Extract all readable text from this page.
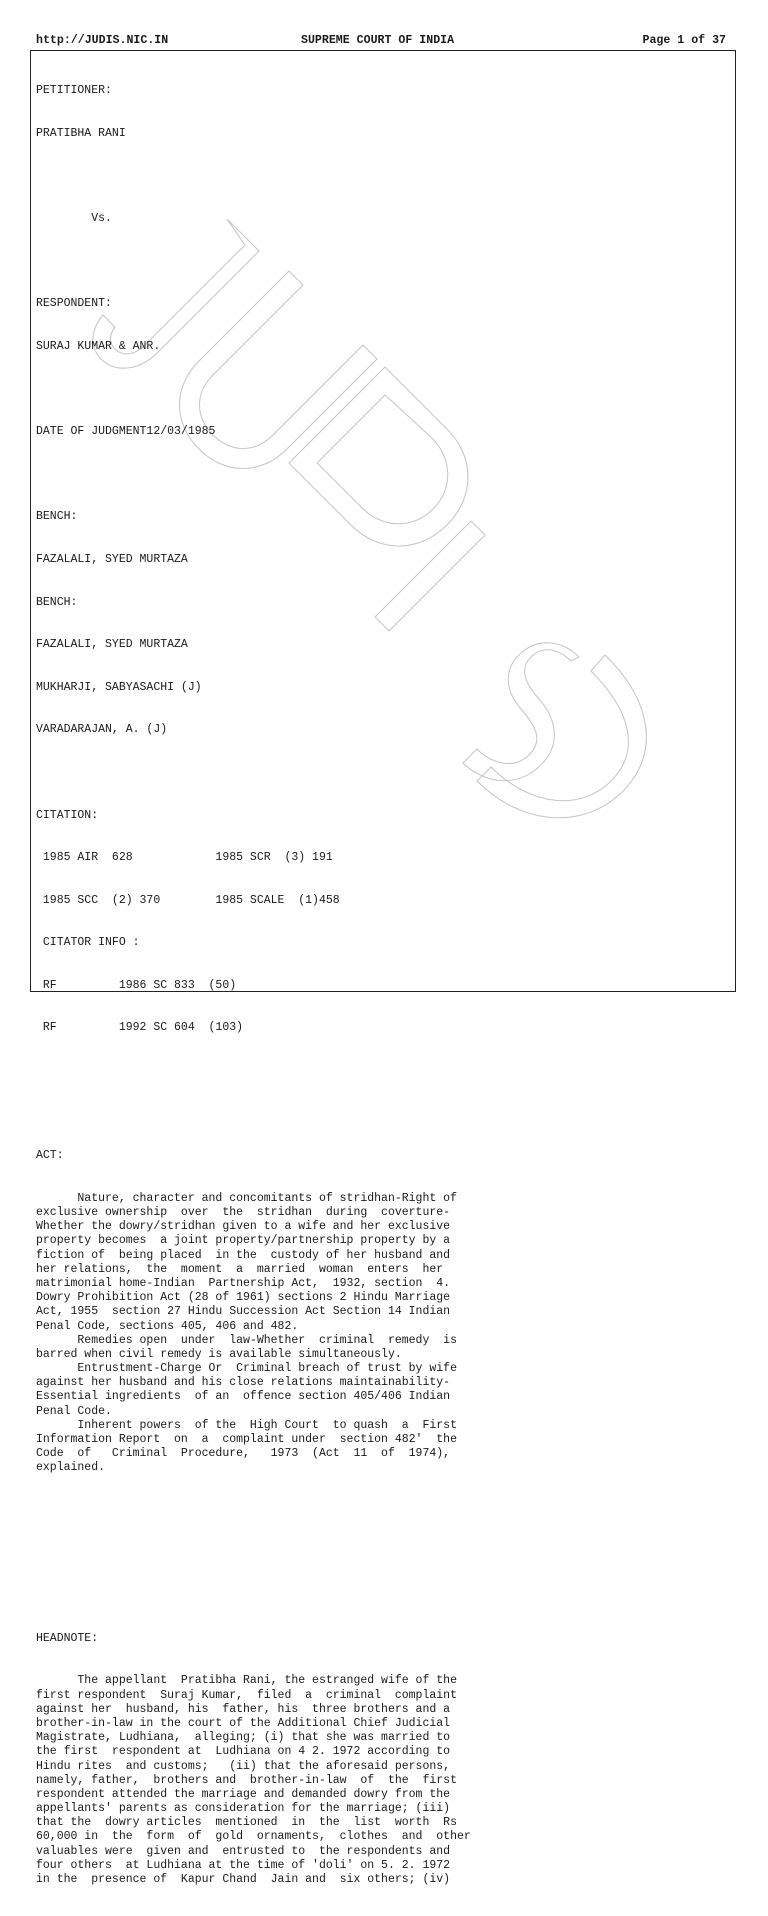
http://JUDIS.NIC.IN	SUPREME COURT OF INDIA	Page 1 of 37

PETITIONER:

PRATIBHA RANI

Vs.

RESPONDENT:

SURAJ KUMAR & ANR.

DATE OF JUDGMENT12/03/1985

BENCH:

FAZALALI, SYED MURTAZA

BENCH:

FAZALALI, SYED MURTAZA

MUKHARJI, SABYASACHI (J)

VARADARAJAN, A. (J)

CITATION:

1985 AIR  628            1985 SCR  (3) 191

1985 SCC  (2) 370        1985 SCALE  (1)458

CITATOR INFO :

RF         1986 SC 833  (50)

RF         1992 SC 604  (103)

ACT:

Nature, character and concomitants of stridhan-Right of
exclusive ownership  over  the  stridhan  during  coverture-
Whether the dowry/stridhan given to a wife and her exclusive
property becomes  a joint property/partnership property by a
fiction of  being placed  in the  custody of her husband and
her relations,  the  moment  a  married  woman  enters  her
matrimonial home-Indian  Partnership Act,  1932, section  4.
Dowry Prohibition Act (28 of 1961) sections 2 Hindu Marriage
Act, 1955  section 27 Hindu Succession Act Section 14 Indian
Penal Code, sections 405, 406 and 482.
Remedies open  under  law-Whether  criminal  remedy  is
barred when civil remedy is available simultaneously.
Entrustment-Charge Or  Criminal breach of trust by wife
against her husband and his close relations maintainability-
Essential ingredients  of an  offence section 405/406 Indian
Penal Code.
Inherent powers  of the  High Court  to quash  a  First
Information Report  on  a  complaint under  section 482'  the
Code  of   Criminal  Procedure,   1973  (Act  11  of  1974),
explained.

HEADNOTE:

The appellant  Pratibha Rani, the estranged wife of the
first respondent  Suraj Kumar,  filed  a  criminal  complaint
against her  husband, his  father, his  three brothers and a
brother-in-law in the court of the Additional Chief Judicial
Magistrate, Ludhiana,  alleging; (i) that she was married to
the first  respondent at  Ludhiana on 4 2. 1972 according to
Hindu rites  and customs;   (ii) that the aforesaid persons,
namely, father,  brothers and  brother-in-law  of  the  first
respondent attended the marriage and demanded dowry from the
appellants' parents as consideration for the marriage; (iii)
that the  dowry articles  mentioned  in  the  list  worth  Rs
60,000 in  the  form  of  gold  ornaments,  clothes  and  other
valuables were  given and  entrusted to  the respondents and
four others  at Ludhiana at the time of 'doli' on 5. 2. 1972
in the  presence of  Kapur Chand  Jain and  six others; (iv)
